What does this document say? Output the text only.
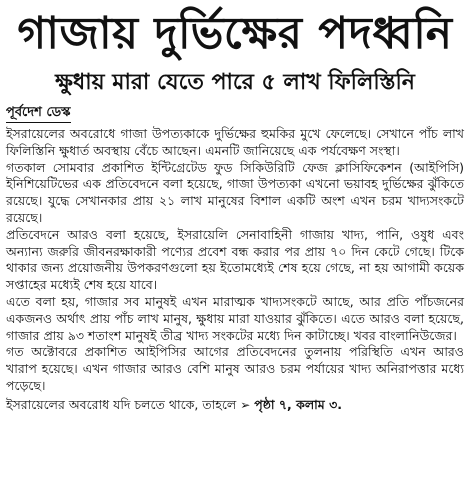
গাজায় দুর্ভিক্ষের পদধ্বনি
ক্ষুধায় মারা যেতে পারে ৫ লাখ ফিলিস্তিনি
পূর্বদেশ ডেস্ক

ইসরায়েলের অবরোধে গাজা উপত্যকাকে দুর্ভিক্ষের হুমকির মুখে ফেলেছে। সেখানে পাঁচ লাখ ফিলিস্তিনি ক্ষুধার্ত অবস্থায় বেঁচে আছেন। এমনটি জানিয়েছে এক পর্যবেক্ষণ সংস্থা।

গতকাল সোমবার প্রকাশিত ইন্টিগ্রেটেড ফুড সিকিউরিটি ফেজ ক্লাসিফিকেশন (আইপিসি) ইনিশিয়েটিভের এক প্রতিবেদনে বলা হয়েছে, গাজা উপত্যকা এখনো ভয়াবহ দুর্ভিক্ষের ঝুঁকিতে রয়েছে। যুদ্ধে সেখানকার প্রায় ২১ লাখ মানুষের বিশাল একটি অংশ এখন চরম খাদ্যসংকটে রয়েছে।

প্রতিবেদনে আরও বলা হয়েছে, ইসরায়েলি সেনাবাহিনী গাজায় খাদ্য, পানি, ওষুধ এবং অন্যান্য জরুরি জীবনরক্ষাকারী পণ্যের প্রবেশ বন্ধ করার পর প্রায় ৭০ দিন কেটে গেছে। টিকে থাকার জন্য প্রয়োজনীয় উপকরণগুলো হয় ইতোমধ্যেই শেষ হয়ে গেছে, না হয় আগামী কয়েক সপ্তাহের মধ্যেই শেষ হয়ে যাবে।

এতে বলা হয়, গাজার সব মানুষই এখন মারাত্মক খাদ্যসংকটে আছে, আর প্রতি পাঁচজনের একজনও অর্থাৎ প্রায় পাঁচ লাখ মানুষ, ক্ষুধায় মারা যাওয়ার ঝুঁকিতে। এতে আরও বলা হয়েছে, গাজার প্রায় ৯৩ শতাংশ মানুষই তীব্র খাদ্য সংকটের মধ্যে দিন কাটাচ্ছে। খবর বাংলানিউজের।

গত অক্টোবরে প্রকাশিত আইপিসির আগের প্রতিবেদনের তুলনায় পরিস্থিতি এখন আরও খারাপ হয়েছে। এখন গাজার আরও বেশি মানুষ আরও চরম পর্যায়ের খাদ্য অনিরাপত্তার মধ্যে পড়েছে।

ইসরায়েলের অবরোধ যদি চলতে থাকে, তাহলে ➢ পৃষ্ঠা ৭, কলাম ৩.
